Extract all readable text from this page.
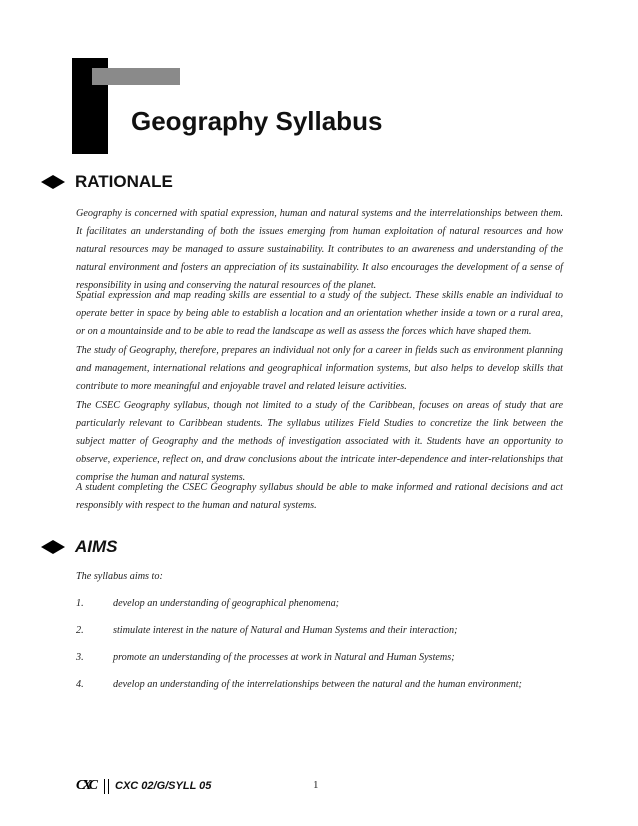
Geography Syllabus
RATIONALE

Geography is concerned with spatial expression, human and natural systems and the interrelationships between them. It facilitates an understanding of both the issues emerging from human exploitation of natural resources and how natural resources may be managed to assure sustainability. It contributes to an awareness and understanding of the natural environment and fosters an appreciation of its sustainability. It also encourages the development of a sense of responsibility in using and conserving the natural resources of the planet.

Spatial expression and map reading skills are essential to a study of the subject. These skills enable an individual to operate better in space by being able to establish a location and an orientation whether inside a town or a rural area, or on a mountainside and to be able to read the landscape as well as assess the forces which have shaped them.

The study of Geography, therefore, prepares an individual not only for a career in fields such as environment planning and management, international relations and geographical information systems, but also helps to develop skills that contribute to more meaningful and enjoyable travel and related leisure activities.

The CSEC Geography syllabus, though not limited to a study of the Caribbean, focuses on areas of study that are particularly relevant to Caribbean students. The syllabus utilizes Field Studies to concretize the link between the subject matter of Geography and the methods of investigation associated with it. Students have an opportunity to observe, experience, reflect on, and draw conclusions about the intricate inter-dependence and inter-relationships that comprise the human and natural systems.

A student completing the CSEC Geography syllabus should be able to make informed and rational decisions and act responsibly with respect to the human and natural systems.

AIMS
The syllabus aims to:
1.	develop an understanding of geographical phenomena;
2.	stimulate interest in the nature of Natural and Human Systems and their interaction;
3.	promote an understanding of the processes at work in Natural and Human Systems;
4.	develop an understanding of the interrelationships between the natural and the human environment;
CXC	CXC 02/G/SYLL 05	1
